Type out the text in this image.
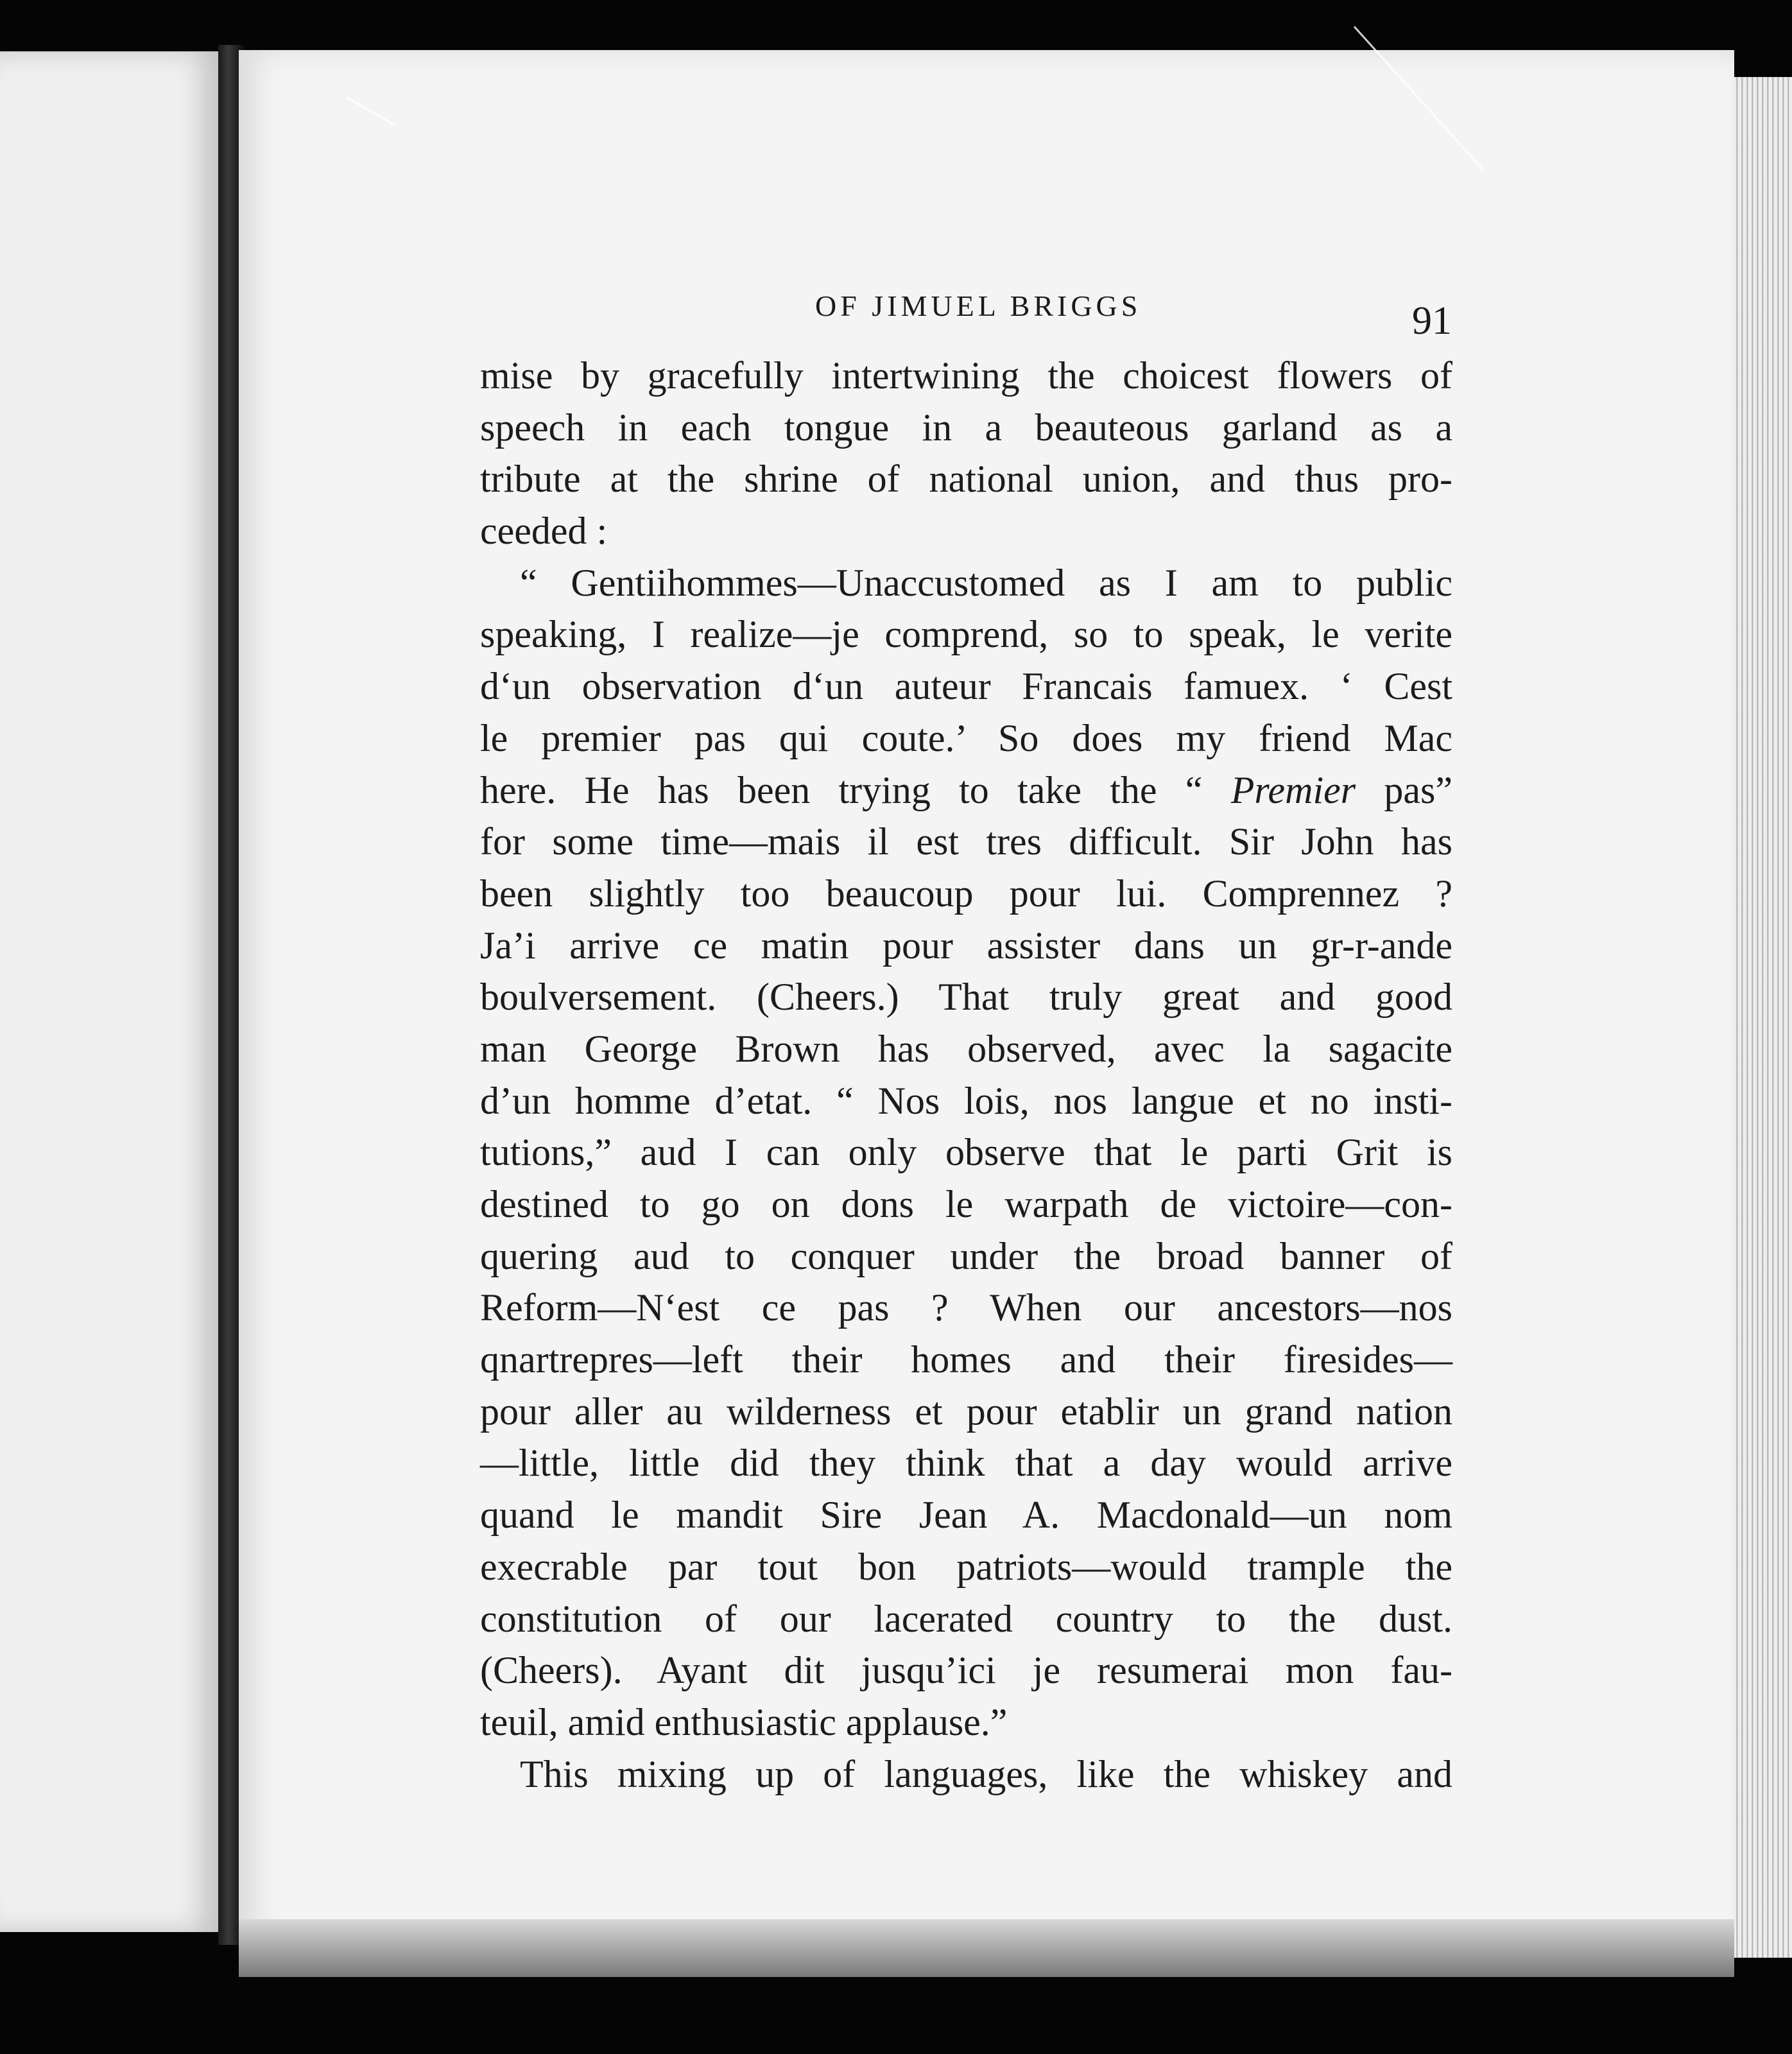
OF JIMUEL BRIGGS	91
mise by gracefully intertwining the choicest flowers of
speech in each tongue in a beauteous garland as a
tribute at the shrine of national union, and thus pro-
ceeded :
“ Gentiihommes—Unaccustomed as I am to public
speaking, I realize—je comprend, so to speak, le verite
d‘un observation d‘un auteur Francais famuex. ‘ Cest
le premier pas qui coute.’ So does my friend Mac
here. He has been trying to take the “ Premier pas”
for some time—mais il est tres difficult. Sir John has
been slightly too beaucoup pour lui. Comprennez ?
Ja’i arrive ce matin pour assister dans un gr-r-ande
boulversement. (Cheers.) That truly great and good
man George Brown has observed, avec la sagacite
d’un homme d’etat. “ Nos lois, nos langue et no insti-
tutions,” aud I can only observe that le parti Grit is
destined to go on dons le warpath de victoire—con-
quering aud to conquer under the broad banner of
Reform—N‘est ce pas ? When our ancestors—nos
qnartrepres—left their homes and their firesides—
pour aller au wilderness et pour etablir un grand nation
—little, little did they think that a day would arrive
quand le mandit Sire Jean A. Macdonald—un nom
execrable par tout bon patriots—would trample the
constitution of our lacerated country to the dust.
(Cheers). Ayant dit jusqu’ici je resumerai mon fau-
teuil, amid enthusiastic applause.”
This mixing up of languages, like the whiskey and
